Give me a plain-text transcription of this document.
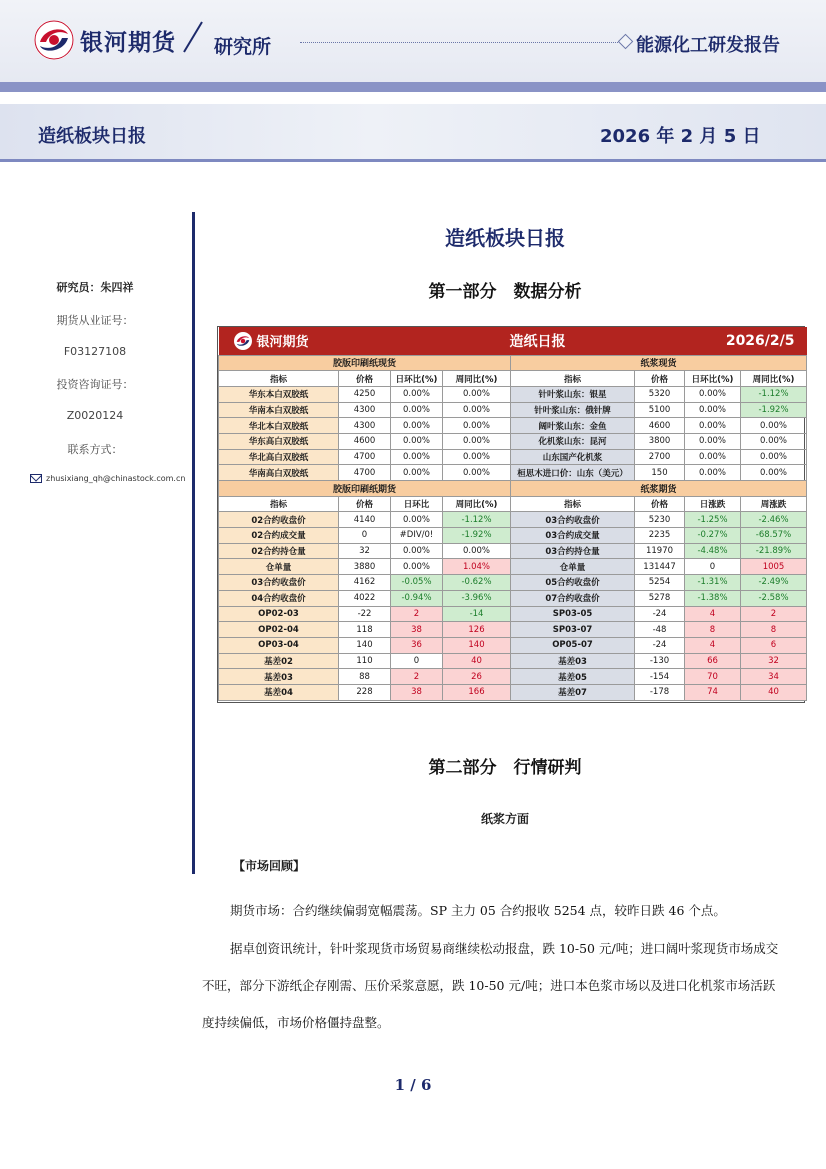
银河期货 研究所	能源化工研发报告
造纸板块日报	2026 年 2 月 5 日
研究员：朱四祥
期货从业证号：
F03127108
投资咨询证号：
Z0020124
联系方式：
zhusixiang_qh@chinastock.com.cn
造纸板块日报
第一部分　数据分析
银河期货		造纸日报				2026/2/5	
胶版印刷纸现货				纸浆现货			
指标	价格	日环比(%)	周同比(%)	指标	价格	日环比(%)	周同比(%)
华东本白双胶纸	4250	0.00%	0.00%	针叶浆山东：银星	5320	0.00%	-1.12%
华南本白双胶纸	4300	0.00%	0.00%	针叶浆山东：俄针牌	5100	0.00%	-1.92%
华北本白双胶纸	4300	0.00%	0.00%	阔叶浆山东：金鱼	4600	0.00%	0.00%
华东高白双胶纸	4600	0.00%	0.00%	化机浆山东：昆河	3800	0.00%	0.00%
华北高白双胶纸	4700	0.00%	0.00%	山东国产化机浆	2700	0.00%	0.00%
华南高白双胶纸	4700	0.00%	0.00%	桓思木进口价：山东（美元）	150	0.00%	0.00%
胶版印刷纸期货				纸浆期货			
指标	价格	日环比	周同比(%)	指标	价格	日涨跌	周涨跌
02合约收盘价	4140	0.00%	-1.12%	03合约收盘价	5230	-1.25%	-2.46%
02合约成交量	0	#DIV/0!	-1.92%	03合约成交量	2235	-0.27%	-68.57%
02合约持仓量	32	0.00%	0.00%	03合约持仓量	11970	-4.48%	-21.89%
仓单量	3880	0.00%	1.04%	仓单量	131447	0	1005
03合约收盘价	4162	-0.05%	-0.62%	05合约收盘价	5254	-1.31%	-2.49%
04合约收盘价	4022	-0.94%	-3.96%	07合约收盘价	5278	-1.38%	-2.58%
OP02-03	-22	2	-14	SP03-05	-24	4	2
OP02-04	118	38	126	SP03-07	-48	8	8
OP03-04	140	36	140	OP05-07	-24	4	6
基差02	110	0	40	基差03	-130	66	32
基差03	88	2	26	基差05	-154	70	34
基差04	228	38	166	基差07	-178	74	40
第二部分　行情研判
纸浆方面
【市场回顾】
期货市场：合约继续偏弱宽幅震荡。SP 主力 05 合约报收 5254 点，较昨日跌 46 个点。
据卓创资讯统计，针叶浆现货市场贸易商继续松动报盘，跌 10-50 元/吨；进口阔叶浆现货市场成交不旺，部分下游纸企存刚需、压价采浆意愿，跌 10-50 元/吨；进口本色浆市场以及进口化机浆市场活跃度持续偏低，市场价格僵持盘整。
1 / 6
